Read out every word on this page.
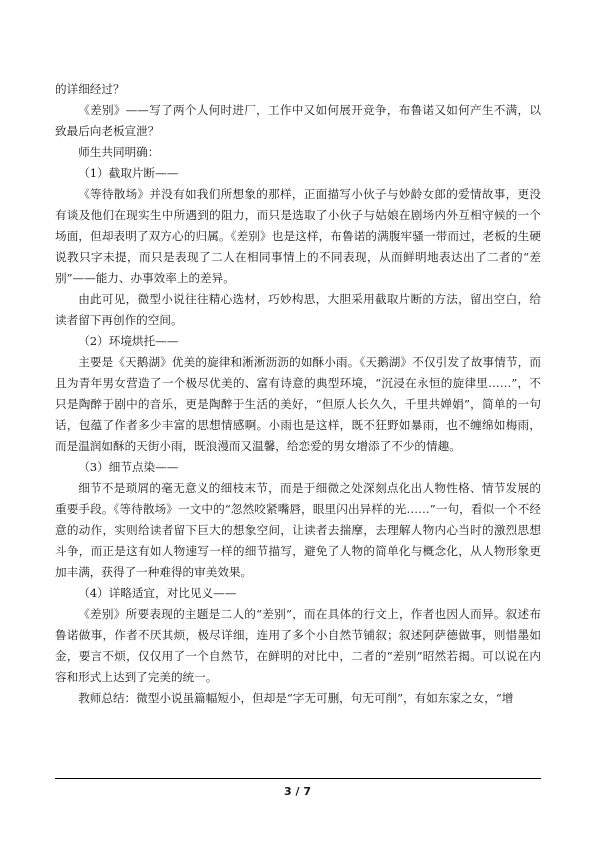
的详细经过？

《差别》——写了两个人何时进厂，工作中又如何展开竞争，布鲁诺又如何产生不满，以致最后向老板宣泄？

师生共同明确：

（1）截取片断——

《等待散场》并没有如我们所想象的那样，正面描写小伙子与妙龄女郎的爱情故事，更没有谈及他们在现实生中所遇到的阻力，而只是选取了小伙子与姑娘在剧场内外互相守候的一个场面，但却表明了双方心的归属。《差别》也是这样，布鲁诺的满腹牢骚一带而过，老板的生硬说教只字未提，而只是表现了二人在相同事情上的不同表现，从而鲜明地表达出了二者的“差别”——能力、办事效率上的差异。

由此可见，微型小说往往精心选材，巧妙构思，大胆采用截取片断的方法，留出空白，给读者留下再创作的空间。

（2）环境烘托——

主要是《天鹅湖》优美的旋律和淅淅沥沥的如酥小雨。《天鹅湖》不仅引发了故事情节，而且为青年男女营造了一个极尽优美的、富有诗意的典型环境，“沉浸在永恒的旋律里……”，不只是陶醉于剧中的音乐，更是陶醉于生活的美好，“但原人长久久，千里共婵娟”，简单的一句话，包蕴了作者多少丰富的思想情感啊。小雨也是这样，既不狂野如暴雨，也不缠绵如梅雨，而是温润如酥的天街小雨，既浪漫而又温馨，给恋爱的男女增添了不少的情趣。

（3）细节点染——

细节不是琐屑的毫无意义的细枝末节，而是于细微之处深刻点化出人物性格、情节发展的重要手段。《等待散场》一文中的“忽然咬紧嘴唇，眼里闪出异样的光……”一句，看似一个不经意的动作，实则给读者留下巨大的想象空间，让读者去揣摩，去理解人物内心当时的激烈思想斗争，而正是这有如人物速写一样的细节描写，避免了人物的简单化与概念化，从人物形象更加丰满，获得了一种难得的审美效果。

（4）详略适宜，对比见义——

《差别》所要表现的主题是二人的“差别”，而在具体的行文上，作者也因人而异。叙述布鲁诺做事，作者不厌其烦，极尽详细，连用了多个小自然节铺叙；叙述阿萨德做事，则惜墨如金，要言不烦，仅仅用了一个自然节，在鲜明的对比中，二者的“差别”昭然若揭。可以说在内容和形式上达到了完美的统一。

教师总结：微型小说虽篇幅短小，但却是“字无可删，句无可削”，有如东家之女，“增

3 / 7
